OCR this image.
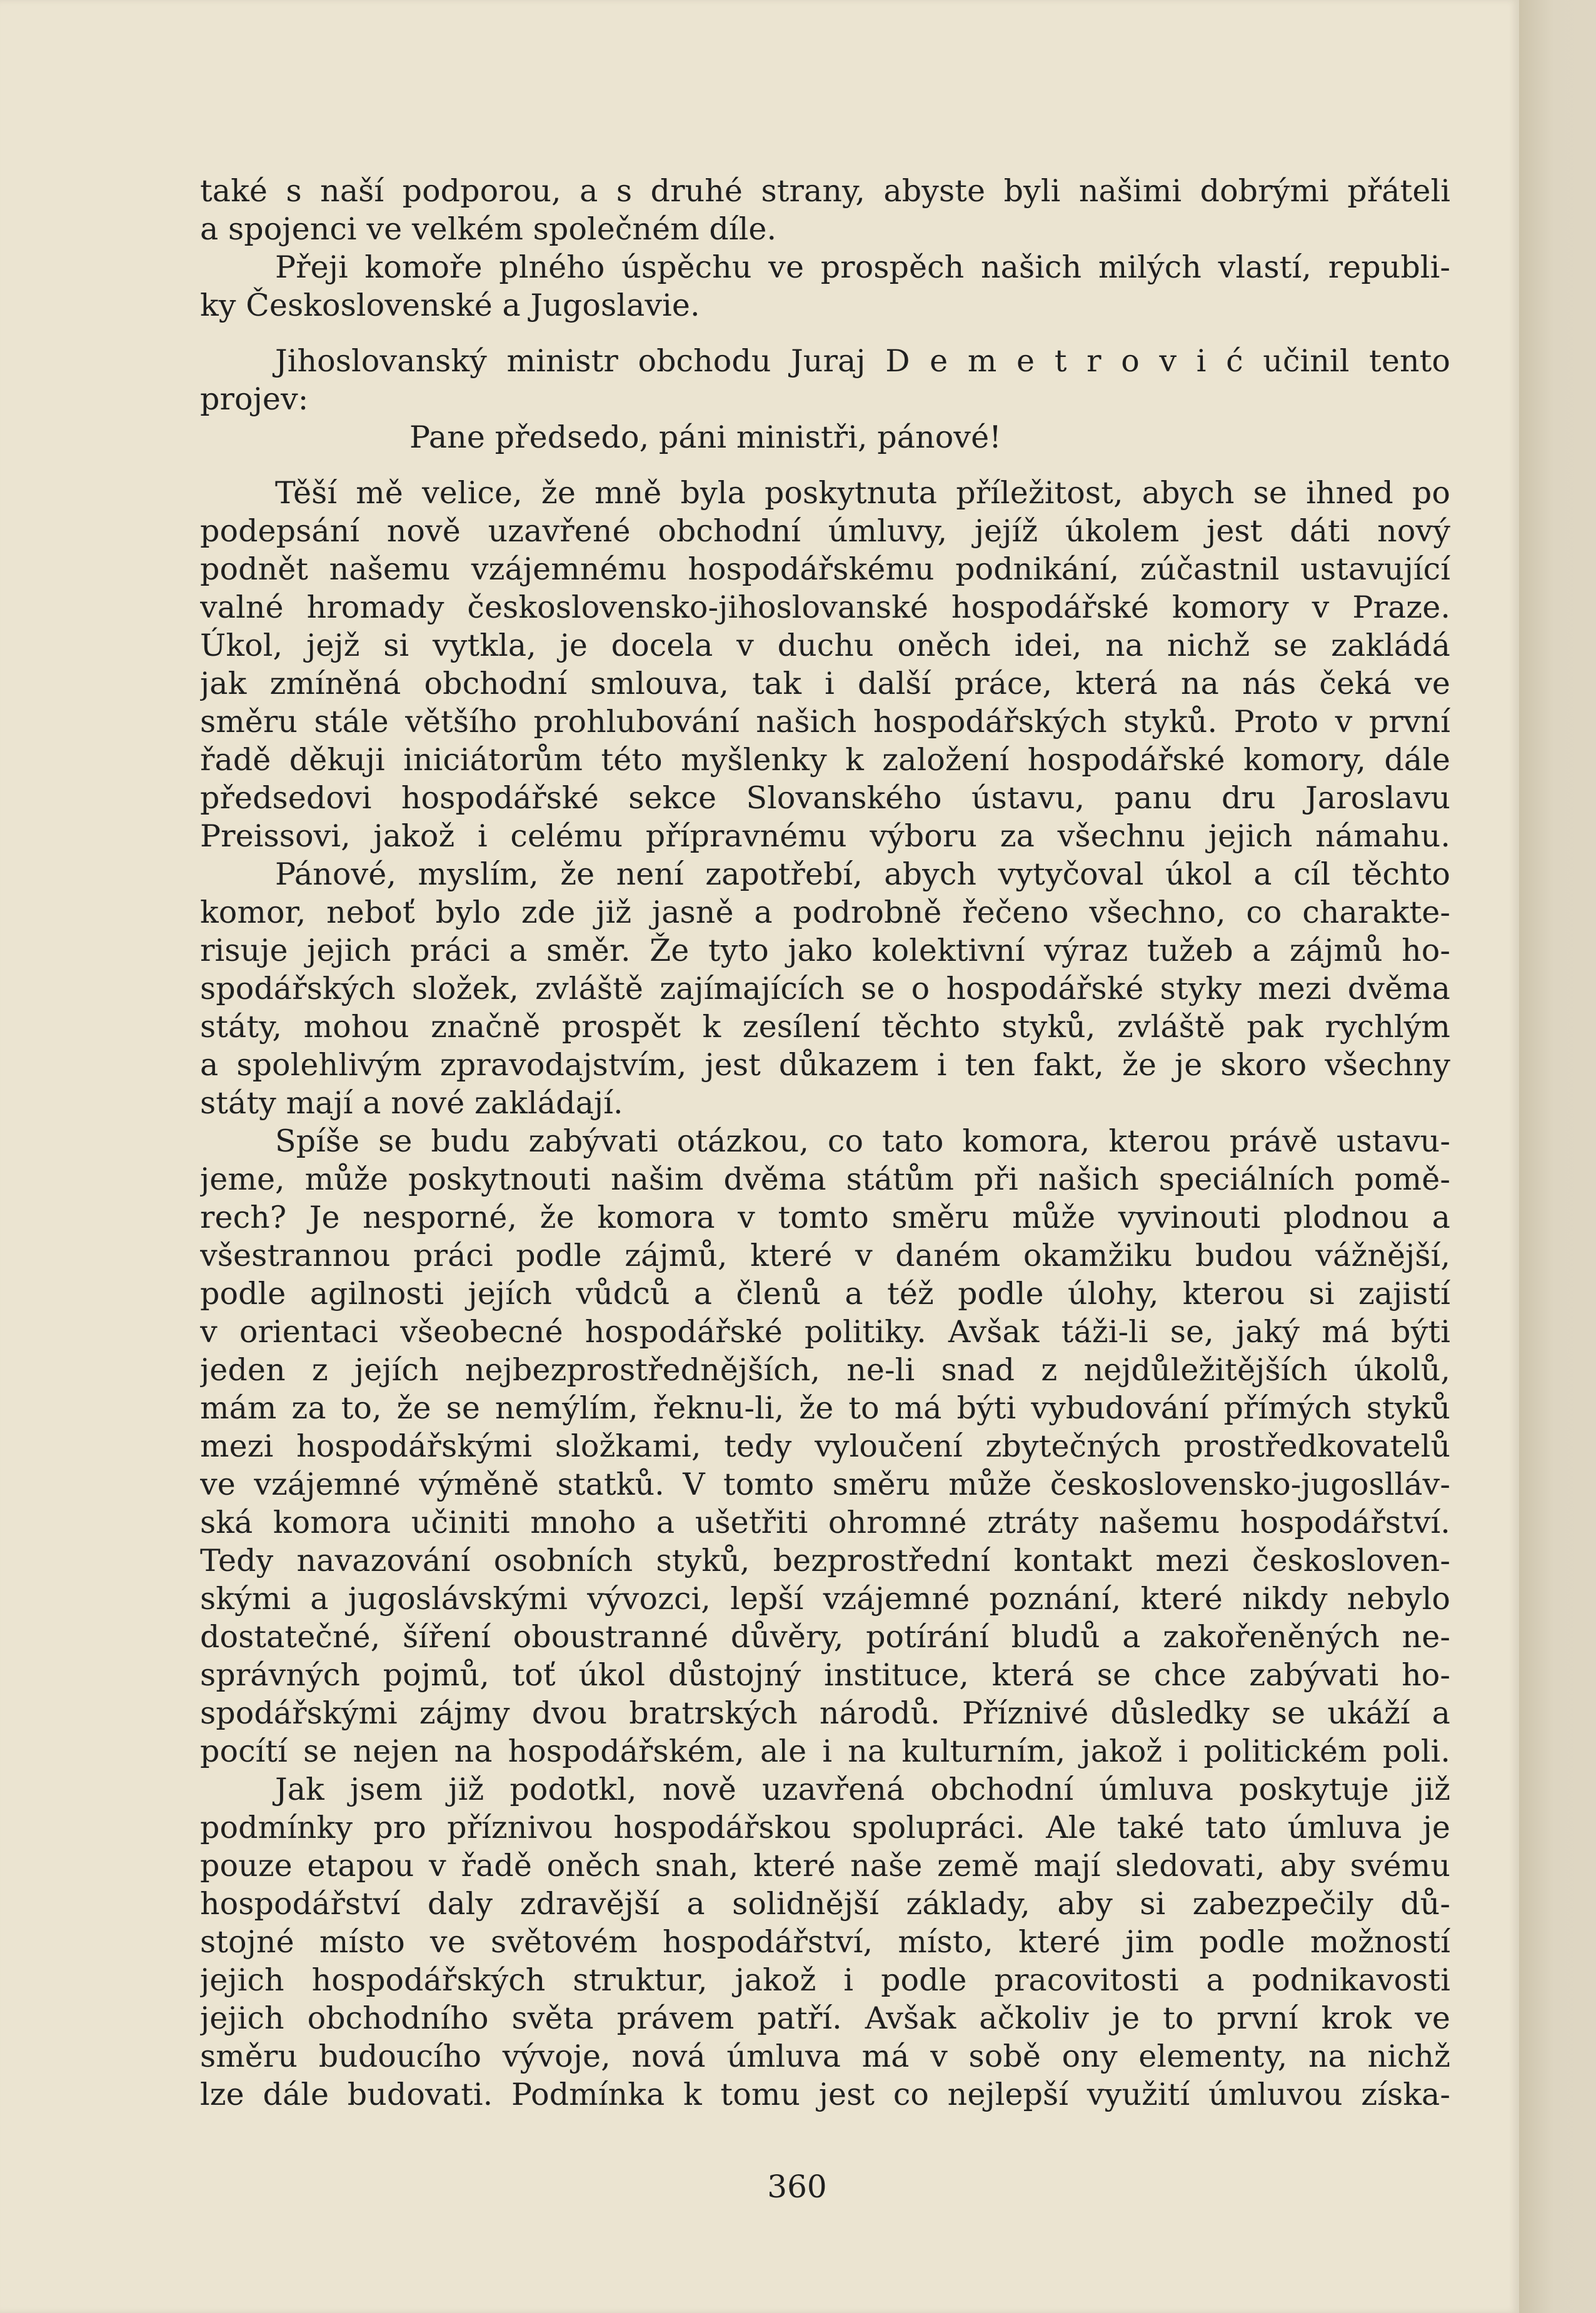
také s naší podporou, a s druhé strany, abyste byli našimi dobrými přáteli
a spojenci ve velkém společném díle.
Přeji komoře plného úspěchu ve prospěch našich milých vlastí, republi-
ky Československé a Jugoslavie.
Jihoslovanský ministr obchodu Juraj D e m e t r o v i ć učinil tento
projev:
Pane předsedo, páni ministři, pánové!
Těší mě velice, že mně byla poskytnuta příležitost, abych se ihned po
podepsání nově uzavřené obchodní úmluvy, jejíž úkolem jest dáti nový
podnět našemu vzájemnému hospodářskému podnikání, zúčastnil ustavující
valné hromady československo-jihoslovanské hospodářské komory v Praze.
Úkol, jejž si vytkla, je docela v duchu oněch idei, na nichž se zakládá
jak zmíněná obchodní smlouva, tak i další práce, která na nás čeká ve
směru stále většího prohlubování našich hospodářských styků. Proto v první
řadě děkuji iniciátorům této myšlenky k založení hospodářské komory, dále
předsedovi hospodářské sekce Slovanského ústavu, panu dru Jaroslavu
Preissovi, jakož i celému přípravnému výboru za všechnu jejich námahu.
Pánové, myslím, že není zapotřebí, abych vytyčoval úkol a cíl těchto
komor, neboť bylo zde již jasně a podrobně řečeno všechno, co charakte-
risuje jejich práci a směr. Že tyto jako kolektivní výraz tužeb a zájmů ho-
spodářských složek, zvláště zajímajících se o hospodářské styky mezi dvěma
státy, mohou značně prospět k zesílení těchto styků, zvláště pak rychlým
a spolehlivým zpravodajstvím, jest důkazem i ten fakt, že je skoro všechny
státy mají a nové zakládají.
Spíše se budu zabývati otázkou, co tato komora, kterou právě ustavu-
jeme, může poskytnouti našim dvěma státům při našich speciálních pomě-
rech? Je nesporné, že komora v tomto směru může vyvinouti plodnou a
všestrannou práci podle zájmů, které v daném okamžiku budou vážnější,
podle agilnosti jejích vůdců a členů a též podle úlohy, kterou si zajistí
v orientaci všeobecné hospodářské politiky. Avšak táži-li se, jaký má býti
jeden z jejích nejbezprostřednějších, ne-li snad z nejdůležitějších úkolů,
mám za to, že se nemýlím, řeknu-li, že to má býti vybudování přímých styků
mezi hospodářskými složkami, tedy vyloučení zbytečných prostředkovatelů
ve vzájemné výměně statků. V tomto směru může československo-jugoslláv-
ská komora učiniti mnoho a ušetřiti ohromné ztráty našemu hospodářství.
Tedy navazování osobních styků, bezprostřední kontakt mezi českosloven-
skými a jugoslávskými vývozci, lepší vzájemné poznání, které nikdy nebylo
dostatečné, šíření oboustranné důvěry, potírání bludů a zakořeněných ne-
správných pojmů, toť úkol důstojný instituce, která se chce zabývati ho-
spodářskými zájmy dvou bratrských národů. Příznivé důsledky se ukáží a
pocítí se nejen na hospodářském, ale i na kulturním, jakož i politickém poli.
Jak jsem již podotkl, nově uzavřená obchodní úmluva poskytuje již
podmínky pro příznivou hospodářskou spolupráci. Ale také tato úmluva je
pouze etapou v řadě oněch snah, které naše země mají sledovati, aby svému
hospodářství daly zdravější a solidnější základy, aby si zabezpečily dů-
stojné místo ve světovém hospodářství, místo, které jim podle možností
jejich hospodářských struktur, jakož i podle pracovitosti a podnikavosti
jejich obchodního světa právem patří. Avšak ačkoliv je to první krok ve
směru budoucího vývoje, nová úmluva má v sobě ony elementy, na nichž
lze dále budovati. Podmínka k tomu jest co nejlepší využití úmluvou získa-
360
